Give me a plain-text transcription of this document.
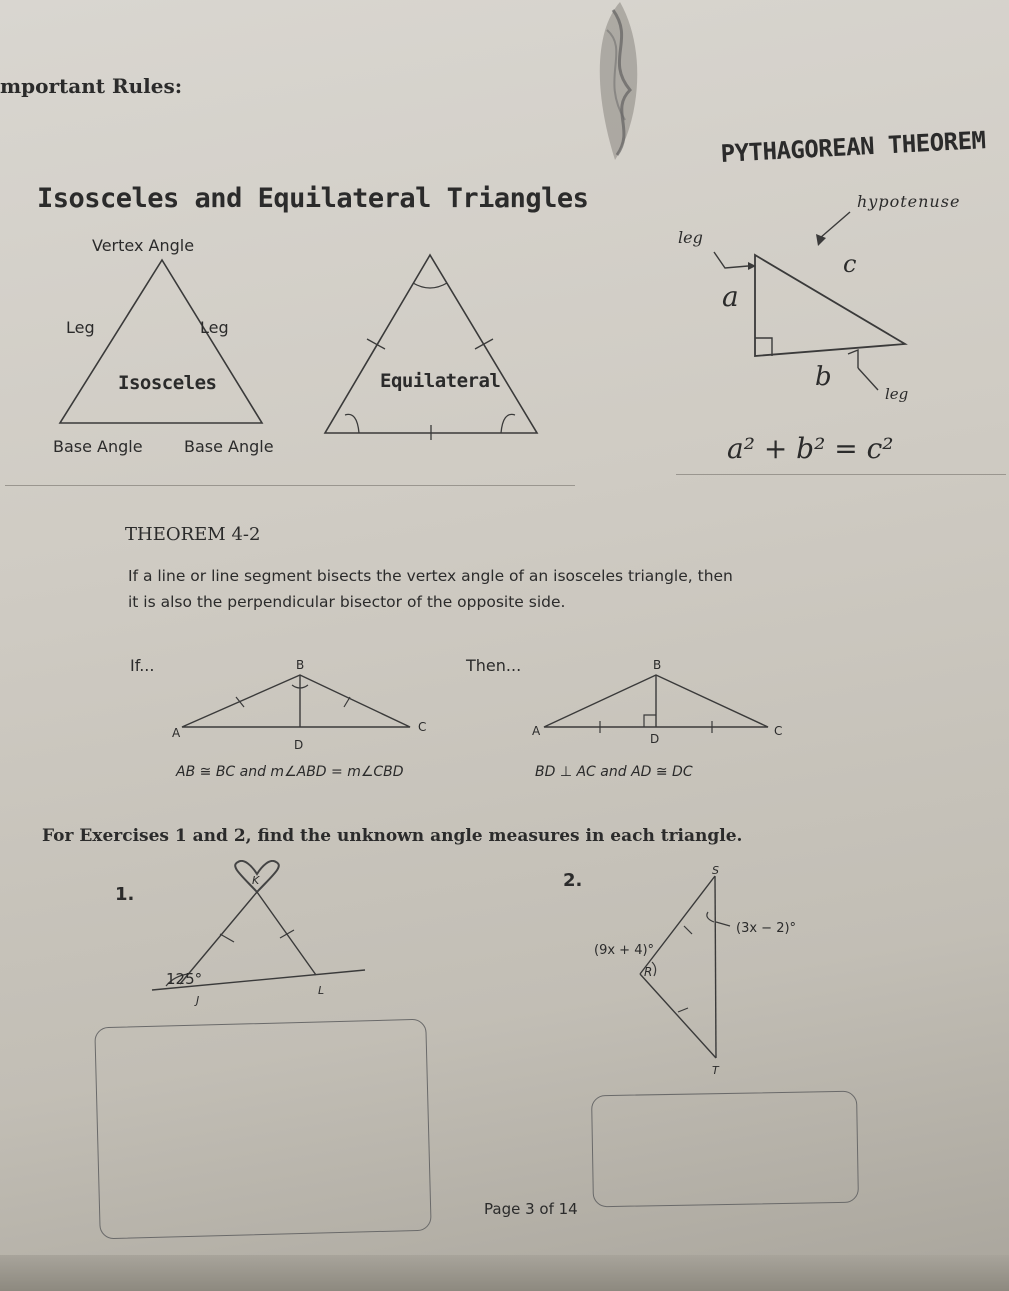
mportant Rules:
Isosceles and Equilateral Triangles
Vertex Angle
Leg	Leg
Isosceles
Base Angle	Base Angle
Equilateral
PYTHAGOREAN THEOREM
hypotenuse
leg
c
a
b
leg
a² + b² = c²
THEOREM 4-2
If a line or line segment bisects the vertex angle of an isosceles triangle, then
it is also the perpendicular bisector of the opposite side.
If...	Then...
B
A	C
D
B
A	C
D
AB ≅ BC and m∠ABD = m∠CBD	BD ⊥ AC and AD ≅ DC
For Exercises 1 and 2, find the unknown angle measures in each triangle.
1.
K
J
L
125°
2.	S
R
T
(9x + 4)°
(3x − 2)°
Page 3 of 14
